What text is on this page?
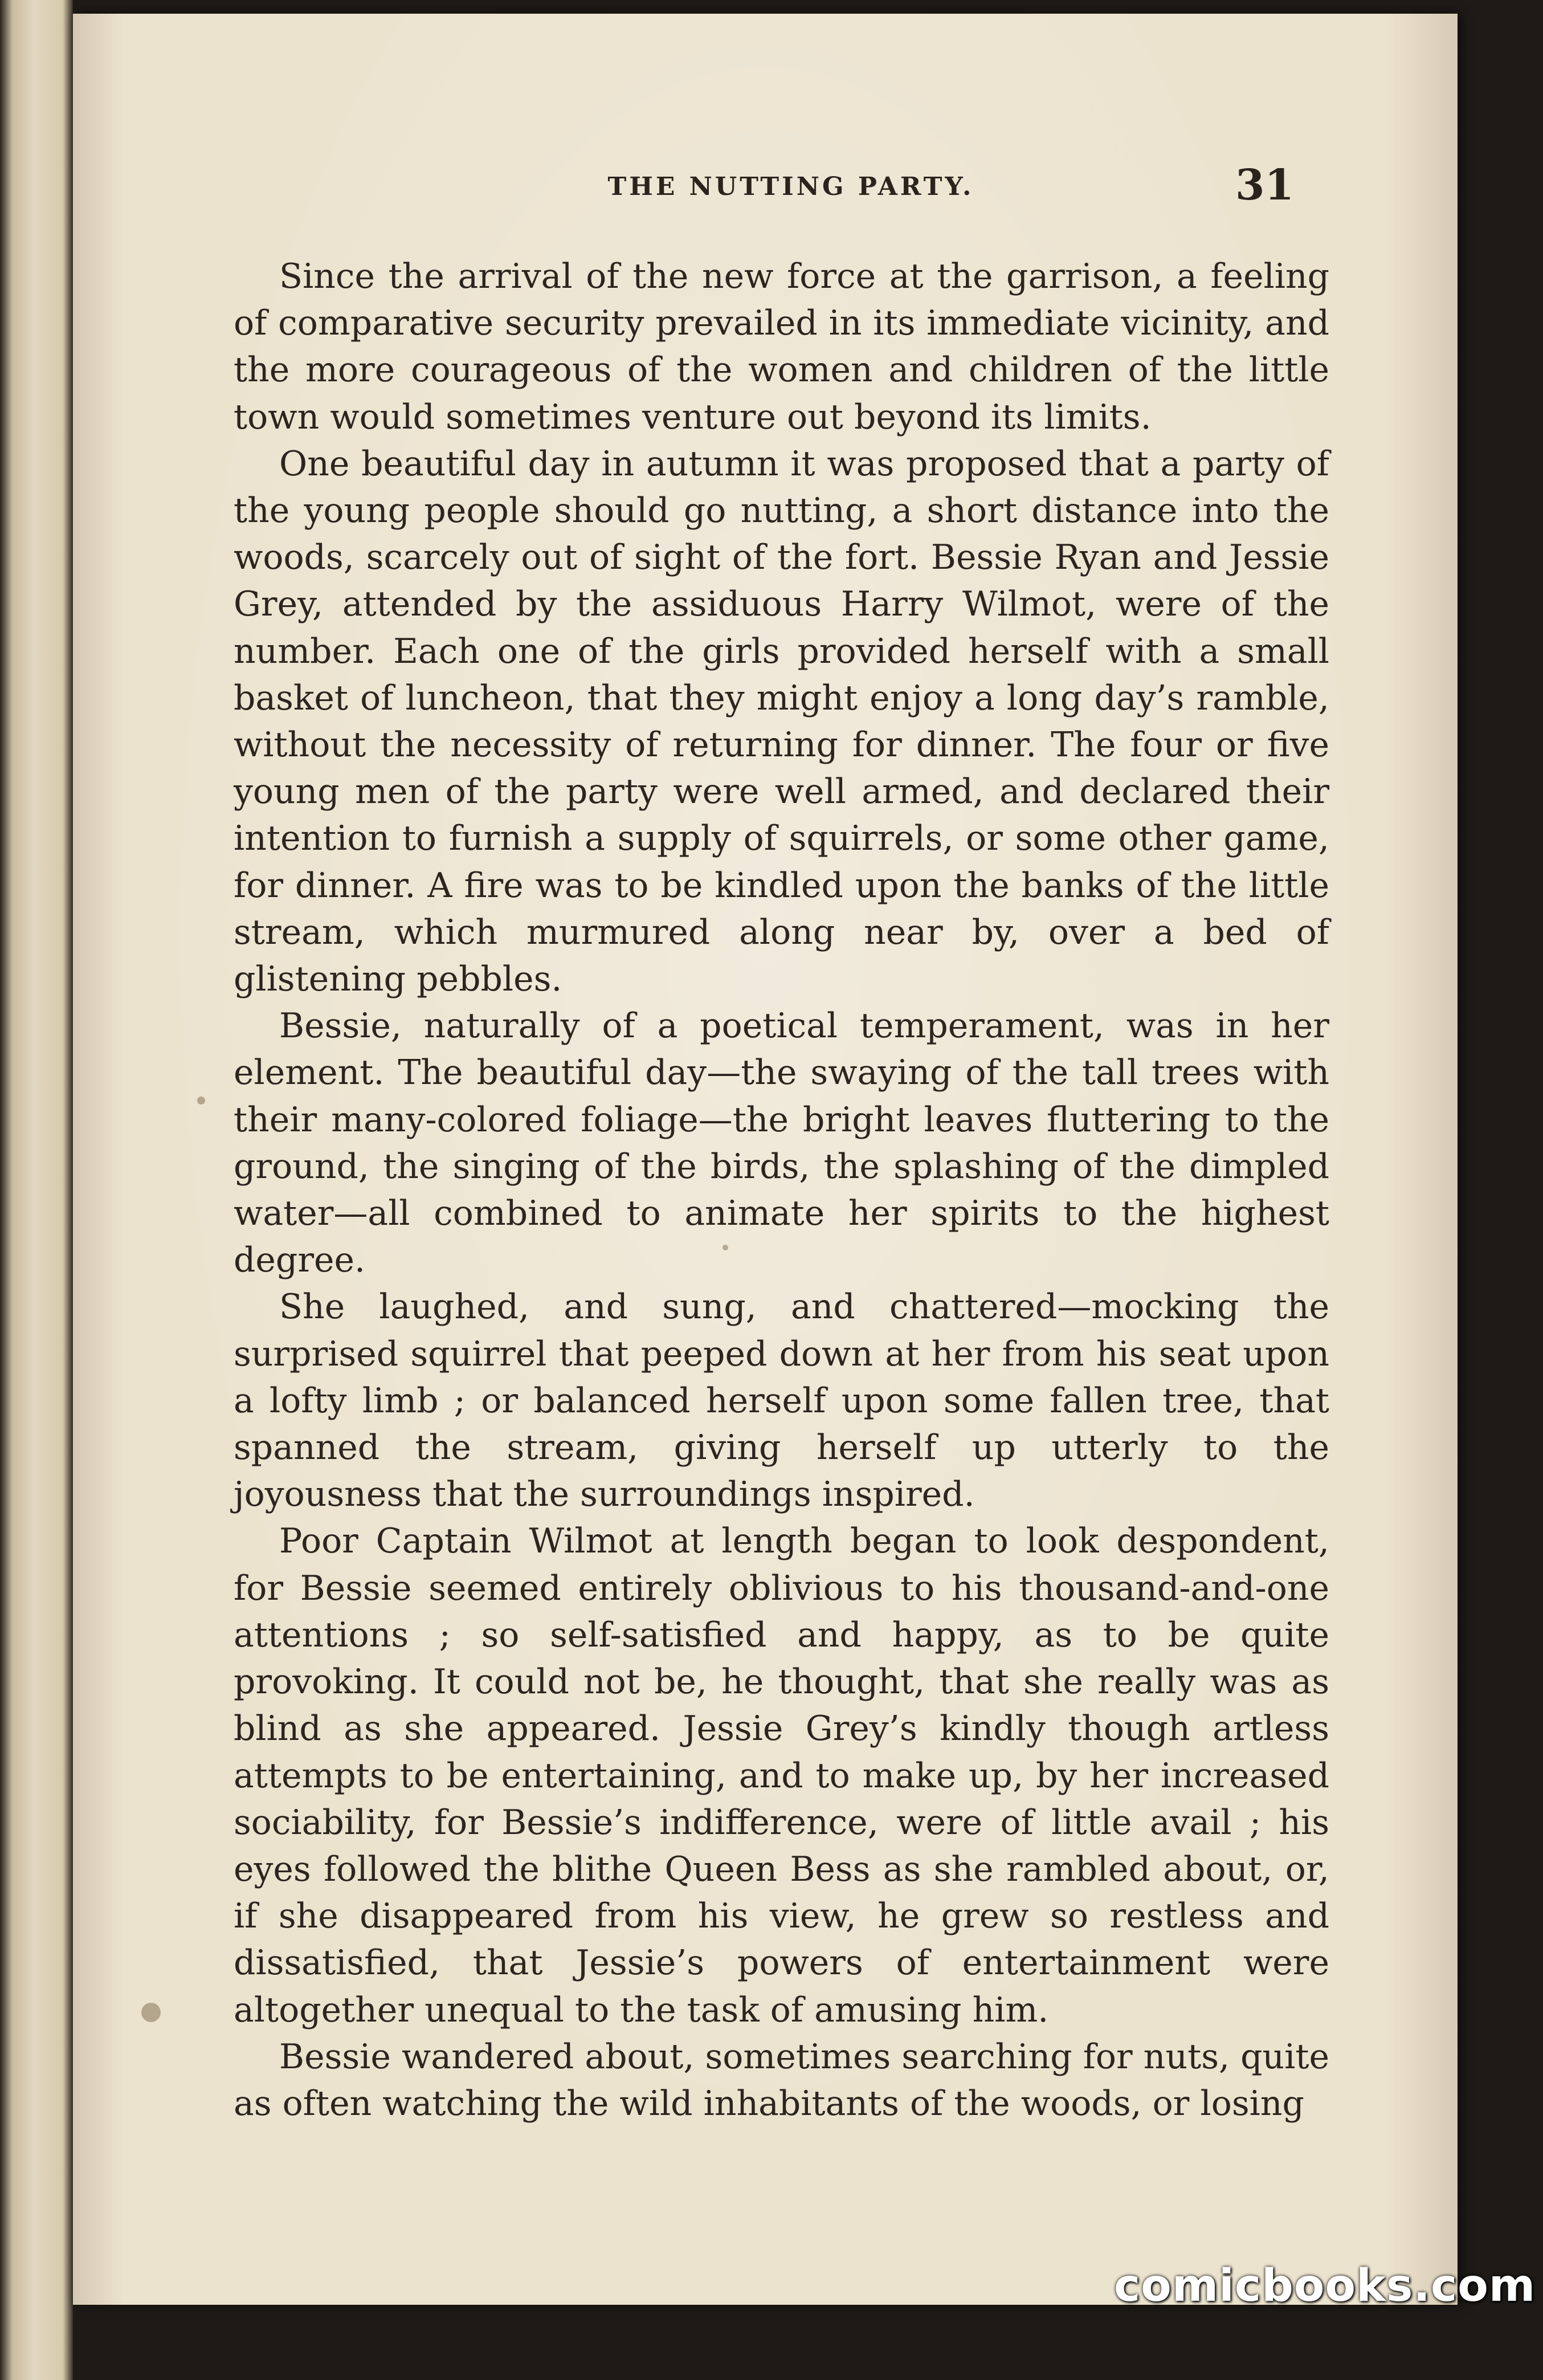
THE NUTTING PARTY.	31

Since the arrival of the new force at the garrison, a feeling of comparative security prevailed in its immediate vicinity, and the more courageous of the women and children of the little town would sometimes venture out beyond its limits.

One beautiful day in autumn it was proposed that a party of the young people should go nutting, a short distance into the woods, scarcely out of sight of the fort. Bessie Ryan and Jessie Grey, attended by the assiduous Harry Wilmot, were of the number. Each one of the girls provided herself with a small basket of luncheon, that they might enjoy a long day’s ramble, without the necessity of returning for dinner. The four or five young men of the party were well armed, and declared their intention to furnish a supply of squirrels, or some other game, for dinner. A fire was to be kindled upon the banks of the little stream, which murmured along near by, over a bed of glistening pebbles.

Bessie, naturally of a poetical temperament, was in her element. The beautiful day—the swaying of the tall trees with their many-colored foliage—the bright leaves fluttering to the ground, the singing of the birds, the splashing of the dimpled water—all combined to animate her spirits to the highest degree.

She laughed, and sung, and chattered—mocking the surprised squirrel that peeped down at her from his seat upon a lofty limb ; or balanced herself upon some fallen tree, that spanned the stream, giving herself up utterly to the joyousness that the surroundings inspired.

Poor Captain Wilmot at length began to look despondent, for Bessie seemed entirely oblivious to his thousand-and-one attentions ; so self-satisfied and happy, as to be quite provoking. It could not be, he thought, that she really was as blind as she appeared. Jessie Grey’s kindly though artless attempts to be entertaining, and to make up, by her increased sociability, for Bessie’s indifference, were of little avail ; his eyes followed the blithe Queen Bess as she rambled about, or, if she disappeared from his view, he grew so restless and dissatisfied, that Jessie’s powers of entertainment were altogether unequal to the task of amusing him.

Bessie wandered about, sometimes searching for nuts, quite as often watching the wild inhabitants of the woods, or losing

comicbooks.com
